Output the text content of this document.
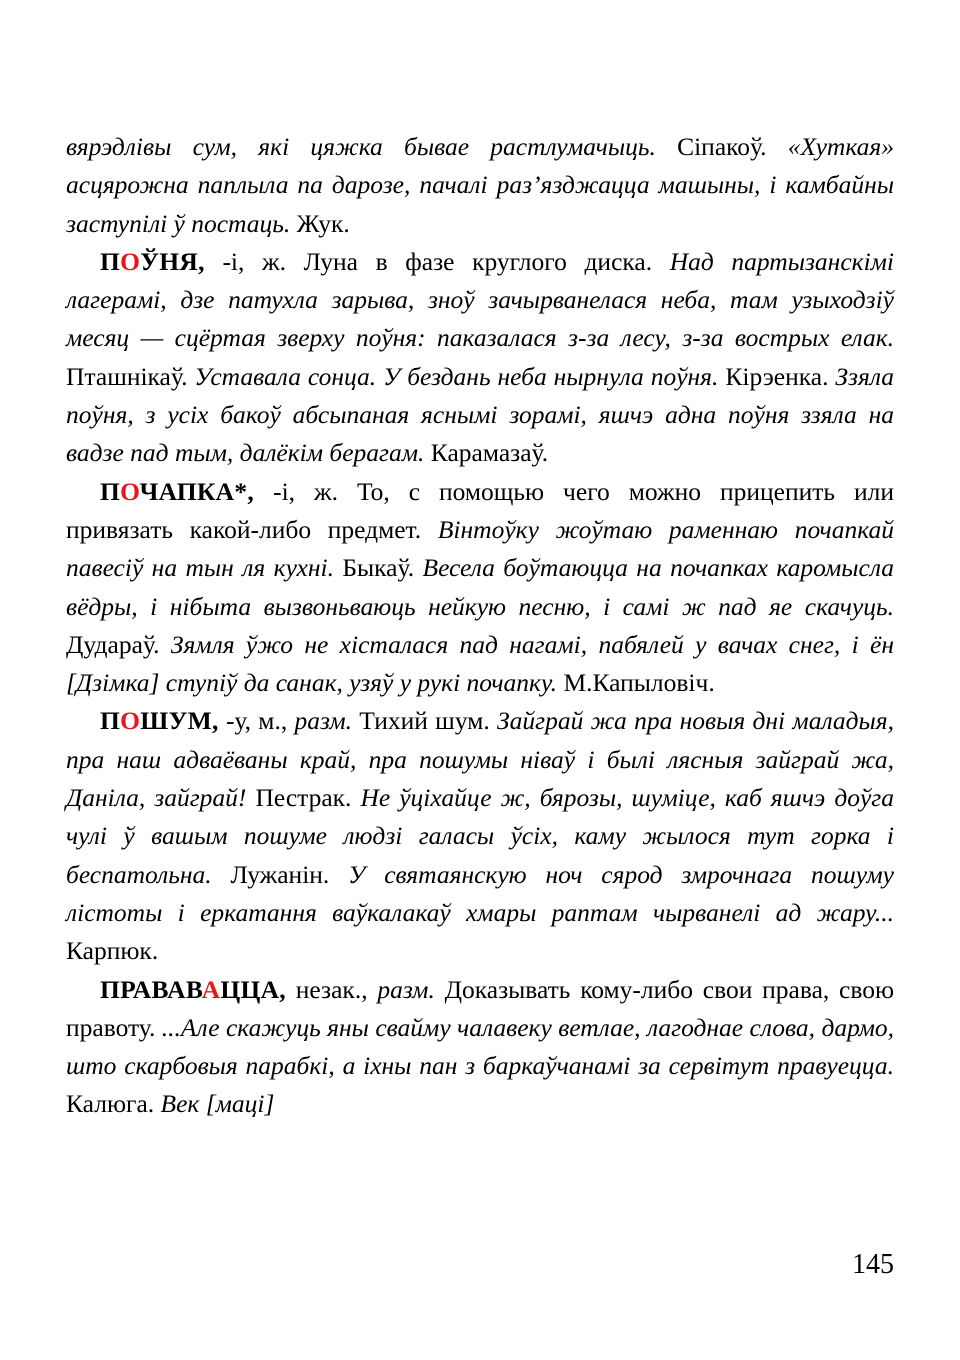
вярэдлівы сум, які цяжка бывае растлумачыць. Сіпакоў. «Хуткая» асцярожна паплыла па дарозе, пачалі раз’язджацца машыны, і камбайны заступілі ў постаць. Жук.

ПОЎНЯ, -і, ж. Луна в фазе круглого диска. Над партызанскімі лагерамі, дзе патухла зарыва, зноў зачырванелася неба, там узыходзіў месяц — сцёртая зверху поўня: паказалася з-за лесу, з-за вострых елак. Пташнікаў. Уставала сонца. У бездань неба нырнула поўня. Кірэенка. Ззяла поўня, з усіх бакоў абсыпаная яснымі зорамі, яшчэ адна поўня ззяла на вадзе пад тым, далёкім берагам. Карамазаў.

ПОЧАПКА*, -і, ж. То, с помощью чего можно прицепить или привязать какой-либо предмет. Вінтоўку жоўтаю раменнаю почапкай павесіў на тын ля кухні. Быкаў. Весела боўтаюцца на почапках каромысла вёдры, і нібыта вызвоньваюць нейкую песню, і самі ж пад яе скачуць. Дудараў. Зямля ўжо не хісталася пад нагамі, пабялей у вачах снег, і ён [Дзімка] ступіў да санак, узяў у рукі почапку. М.Капыловіч.

ПОШУМ, -у, м., разм. Тихий шум. Зайграй жа пра новыя дні маладыя, пра наш адваёваны край, пра пошумы ніваў і былі лясныя зайграй жа, Даніла, зайграй! Пестрак. Не ўціхайце ж, бярозы, шуміце, каб яшчэ доўга чулі ў вашым пошуме людзі галасы ўсіх, каму жылося тут горка і беспатольна. Лужанін. У святаянскую ноч сярод змрочнага пошуму лістоты і еркатання ваўкалакаў хмары раптам чырванелі ад жару... Карпюк.

ПРАВАВАЦЦА, незак., разм. Доказывать кому-либо свои права, свою правоту. ...Але скажуць яны свайму чалавеку ветлае, лагоднае слова, дармо, што скарбовыя парабкі, а іхны пан з баркаўчанамі за сервітут правуецца. Калюга. Век [маці]

145
